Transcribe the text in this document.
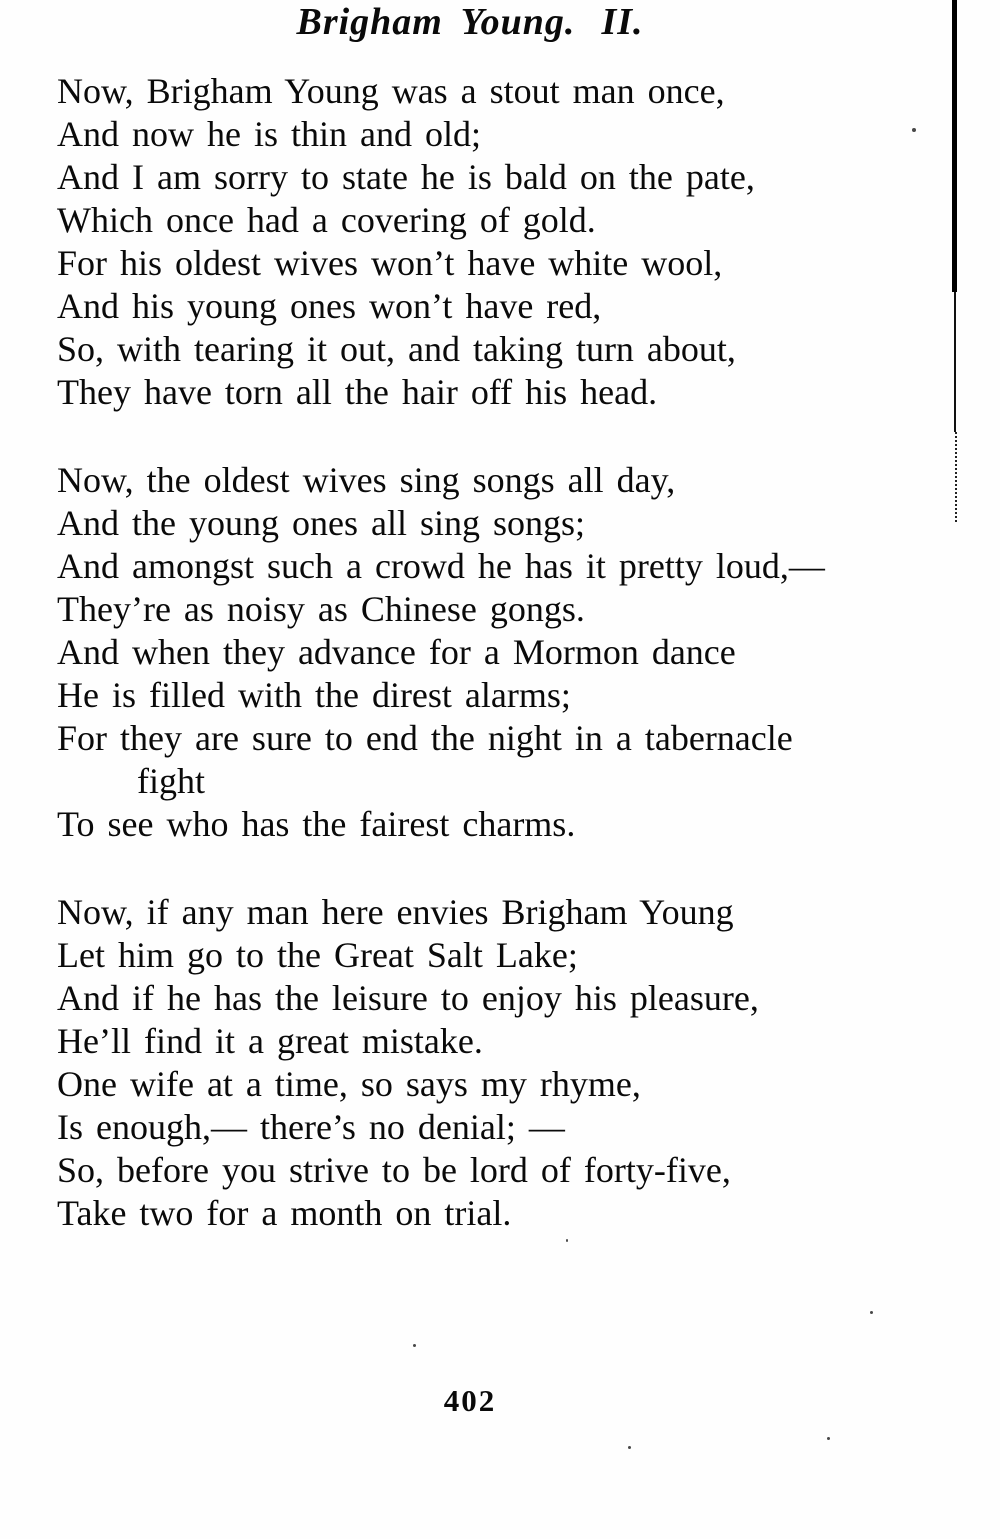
Brigham Young. II.
Now, Brigham Young was a stout man once,
And now he is thin and old;
And I am sorry to state he is bald on the pate,
Which once had a covering of gold.
For his oldest wives won’t have white wool,
And his young ones won’t have red,
So, with tearing it out, and taking turn about,
They have torn all the hair off his head.
Now, the oldest wives sing songs all day,
And the young ones all sing songs;
And amongst such a crowd he has it pretty loud,—
They’re as noisy as Chinese gongs.
And when they advance for a Mormon dance
He is filled with the direst alarms;
For they are sure to end the night in a tabernacle
fight
To see who has the fairest charms.
Now, if any man here envies Brigham Young
Let him go to the Great Salt Lake;
And if he has the leisure to enjoy his pleasure,
He’ll find it a great mistake.
One wife at a time, so says my rhyme,
Is enough,— there’s no denial; —
So, before you strive to be lord of forty-five,
Take two for a month on trial.
402
